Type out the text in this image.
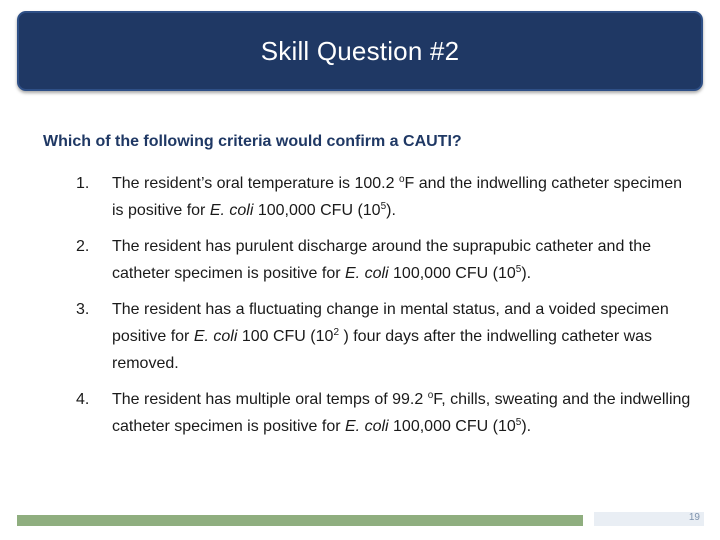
Skill Question #2
Which of the following criteria would confirm a CAUTI?
1. The resident’s oral temperature is 100.2 $^o$F and the indwelling catheter specimen is positive for E. coli 100,000 CFU $(10^5)$.
2. The resident has purulent discharge around the suprapubic catheter and the catheter specimen is positive for E. coli 100,000 CFU $(10^5)$.
3. The resident has a fluctuating change in mental status, and a voided specimen positive for E. coli 100 CFU ($10^2$ ) four days after the indwelling catheter was removed.
4. The resident has multiple oral temps of 99.2 $^o$F, chills, sweating and the indwelling catheter specimen is positive for E. coli 100,000 CFU $(10^5)$.
19
